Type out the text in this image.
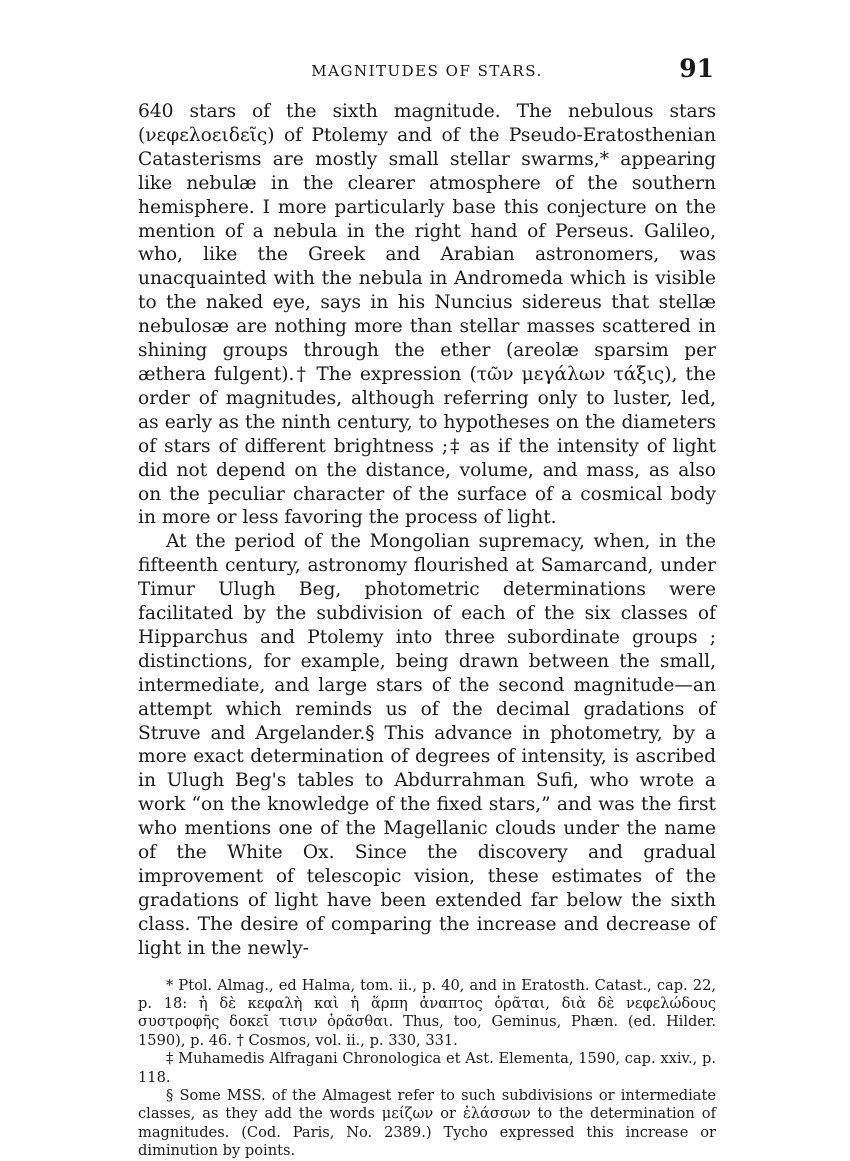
MAGNITUDES OF STARS.	91

640 stars of the sixth magnitude. The nebulous stars (νεφελοειδεῖς) of Ptolemy and of the Pseudo-Eratosthenian Catasterisms are mostly small stellar swarms,* appearing like nebulæ in the clearer atmosphere of the southern hemisphere. I more particularly base this conjecture on the mention of a nebula in the right hand of Perseus. Galileo, who, like the Greek and Arabian astronomers, was unacquainted with the nebula in Andromeda which is visible to the naked eye, says in his Nuncius sidereus that stellæ nebulosæ are nothing more than stellar masses scattered in shining groups through the ether (areolæ sparsim per æthera fulgent).† The expression (τῶν μεγάλων τάξις), the order of magnitudes, although referring only to luster, led, as early as the ninth century, to hypotheses on the diameters of stars of different brightness ;‡ as if the intensity of light did not depend on the distance, volume, and mass, as also on the peculiar character of the surface of a cosmical body in more or less favoring the process of light.

At the period of the Mongolian supremacy, when, in the fifteenth century, astronomy flourished at Samarcand, under Timur Ulugh Beg, photometric determinations were facilitated by the subdivision of each of the six classes of Hipparchus and Ptolemy into three subordinate groups ; distinctions, for example, being drawn between the small, intermediate, and large stars of the second magnitude—an attempt which reminds us of the decimal gradations of Struve and Argelander.§ This advance in photometry, by a more exact determination of degrees of intensity, is ascribed in Ulugh Beg's tables to Abdurrahman Sufi, who wrote a work “on the knowledge of the fixed stars,” and was the first who mentions one of the Magellanic clouds under the name of the White Ox. Since the discovery and gradual improvement of telescopic vision, these estimates of the gradations of light have been extended far below the sixth class. The desire of comparing the increase and decrease of light in the newly-

* Ptol. Almag., ed Halma, tom. ii., p. 40, and in Eratosth. Catast., cap. 22, p. 18: ἡ δὲ κεφαλὴ καὶ ἡ ἅρπη ἀναπτος ὁρᾶται, διὰ δὲ νεφελώδους συστροφῆς δοκεῖ τισιν ὁρᾶσθαι. Thus, too, Geminus, Phæn. (ed. Hilder. 1590), p. 46. † Cosmos, vol. ii., p. 330, 331.

‡ Muhamedis Alfragani Chronologica et Ast. Elementa, 1590, cap. xxiv., p. 118.

§ Some MSS. of the Almagest refer to such subdivisions or intermediate classes, as they add the words μείζων or ἐλάσσων to the determination of magnitudes. (Cod. Paris, No. 2389.) Tycho expressed this increase or diminution by points.
